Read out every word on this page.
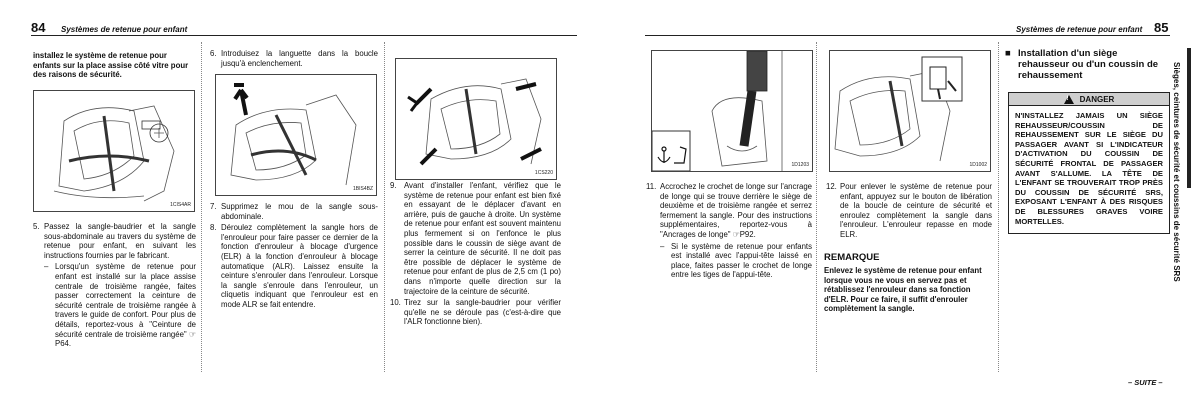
84 Systèmes de retenue pour enfant
installez le système de retenue pour enfants sur la place assise côté vitre pour des raisons de sécurité.
1CIS4AR
5. Passez la sangle-baudrier et la sangle sous-abdominale au travers du système de retenue pour enfant, en suivant les instructions fournies par le fabricant.
– Lorsqu'un système de retenue pour enfant est installé sur la place assise centrale de troisième rangée, faites passer correctement la ceinture de sécurité centrale de troisième rangée à travers le guide de confort. Pour plus de détails, reportez-vous à "Ceinture de sécurité centrale de troisième rangée" ☞P64.
6. Introduisez la languette dans la boucle jusqu'à enclenchement.
1BIS4BZ
7. Supprimez le mou de la sangle sous-abdominale.
8. Déroulez complètement la sangle hors de l'enrouleur pour faire passer ce dernier de la fonction d'enrouleur à blocage d'urgence (ELR) à la fonction d'enrouleur à blocage automatique (ALR). Laissez ensuite la ceinture s'enrouler dans l'enrouleur. Lorsque la sangle s'enroule dans l'enrouleur, un cliquetis indiquant que l'enrouleur est en mode ALR se fait entendre.
1CS220
9. Avant d'installer l'enfant, vérifiez que le système de retenue pour enfant est bien fixé en essayant de le déplacer d'avant en arrière, puis de gauche à droite. Un système de retenue pour enfant est souvent maintenu plus fermement si on l'enfonce le plus possible dans le coussin de siège avant de serrer la ceinture de sécurité. Il ne doit pas être possible de déplacer le système de retenue pour enfant de plus de 2,5 cm (1 po) dans n'importe quelle direction sur la trajectoire de la ceinture de sécurité.
10. Tirez sur la sangle-baudrier pour vérifier qu'elle ne se déroule pas (c'est-à-dire que l'ALR fonctionne bien).
Systèmes de retenue pour enfant 85
1D1203
11. Accrochez le crochet de longe sur l'ancrage de longe qui se trouve derrière le siège de deuxième et de troisième rangée et serrez fermement la sangle. Pour des instructions supplémentaires, reportez-vous à "Ancrages de longe" ☞P92.
– Si le système de retenue pour enfants est installé avec l'appui-tête laissé en place, faites passer le crochet de longe entre les tiges de l'appui-tête.
1D1002
12. Pour enlever le système de retenue pour enfant, appuyez sur le bouton de libération de la boucle de ceinture de sécurité et enroulez complètement la sangle dans l'enrouleur. L'enrouleur repasse en mode ELR.
REMARQUE
Enlevez le système de retenue pour enfant lorsque vous ne vous en servez pas et rétablissez l'enrouleur dans sa fonction d'ELR. Pour ce faire, il suffit d'enrouler complètement la sangle.
■ Installation d'un siège rehausseur ou d'un coussin de rehaussement
! DANGER
N'INSTALLEZ JAMAIS UN SIÈGE REHAUSSEUR/COUSSIN DE REHAUSSEMENT SUR LE SIÈGE DU PASSAGER AVANT SI L'INDICATEUR D'ACTIVATION DU COUSSIN DE SÉCURITÉ FRONTAL DE PASSAGER AVANT S'ALLUME. LA TÊTE DE L'ENFANT SE TROUVERAIT TROP PRÈS DU COUSSIN DE SÉCURITÉ SRS, EXPOSANT L'ENFANT À DES RISQUES DE BLESSURES GRAVES VOIRE MORTELLES.
– SUITE –
Sièges, ceintures de sécurité et coussins de sécurité SRS
